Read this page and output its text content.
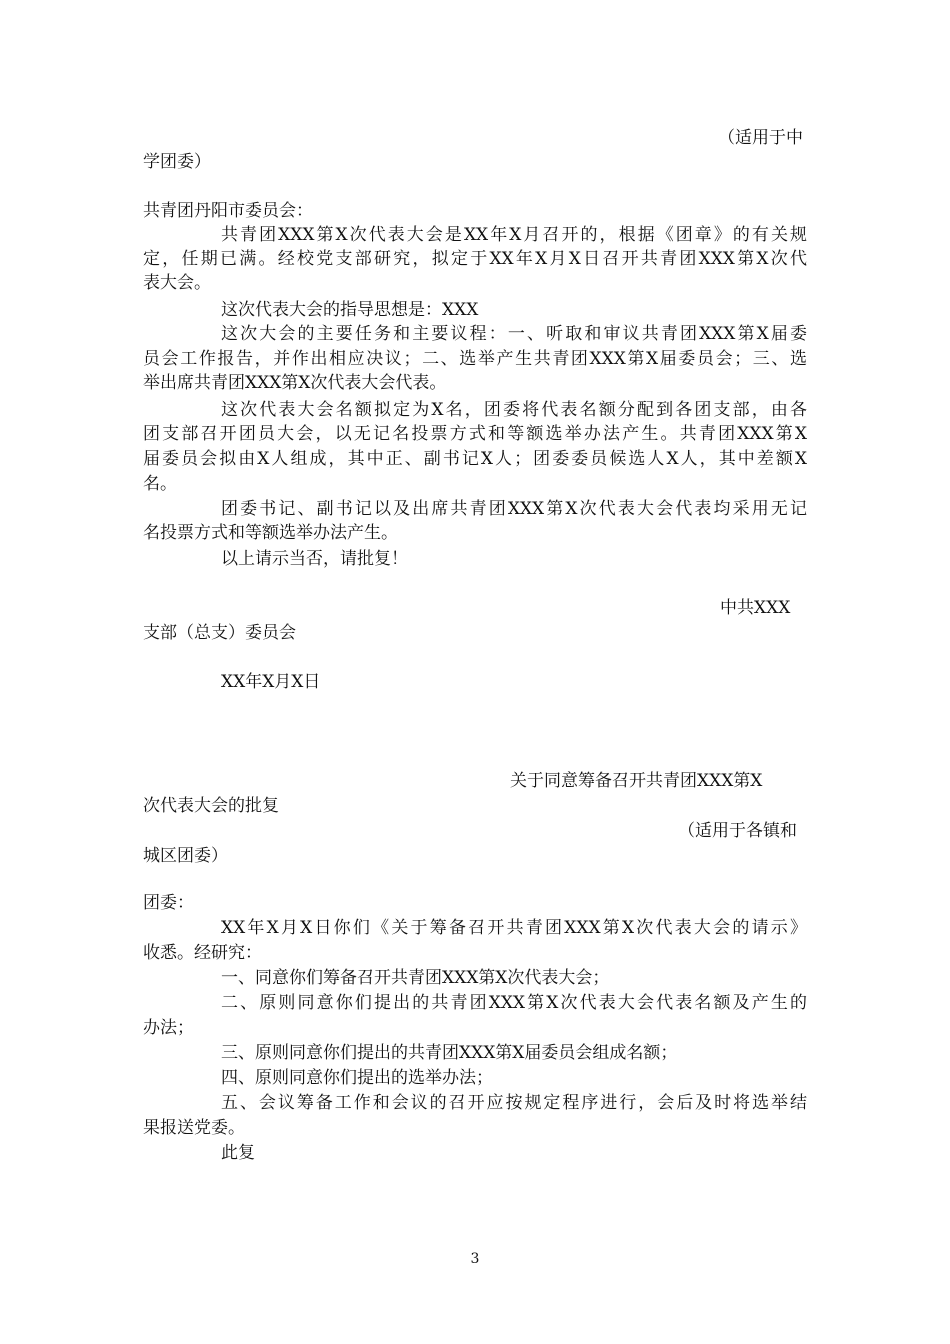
（适用于中
学团委）
共青团丹阳市委员会：
共青团XXX第X次代表大会是XX年X月召开的，根据《团章》的有关规
定，任期已满。经校党支部研究，拟定于XX年X月X日召开共青团XXX第X次代
表大会。
这次代表大会的指导思想是：XXX
这次大会的主要任务和主要议程：一、听取和审议共青团XXX第X届委
员会工作报告，并作出相应决议；二、选举产生共青团XXX第X届委员会；三、选
举出席共青团XXX第X次代表大会代表。
这次代表大会名额拟定为X名，团委将代表名额分配到各团支部，由各
团支部召开团员大会，以无记名投票方式和等额选举办法产生。共青团XXX第X
届委员会拟由X人组成，其中正、副书记X人；团委委员候选人X人，其中差额X
名。
团委书记、副书记以及出席共青团XXX第X次代表大会代表均采用无记
名投票方式和等额选举办法产生。
以上请示当否，请批复！
中共XXX
支部（总支）委员会
XX年X月X日
关于同意筹备召开共青团XXX第X
次代表大会的批复
（适用于各镇和
城区团委）
团委：
XX年X月X日你们《关于筹备召开共青团XXX第X次代表大会的请示》
收悉。经研究：
一、同意你们筹备召开共青团XXX第X次代表大会；
二、原则同意你们提出的共青团XXX第X次代表大会代表名额及产生的
办法；
三、原则同意你们提出的共青团XXX第X届委员会组成名额；
四、原则同意你们提出的选举办法；
五、会议筹备工作和会议的召开应按规定程序进行，会后及时将选举结
果报送党委。
此复
3
